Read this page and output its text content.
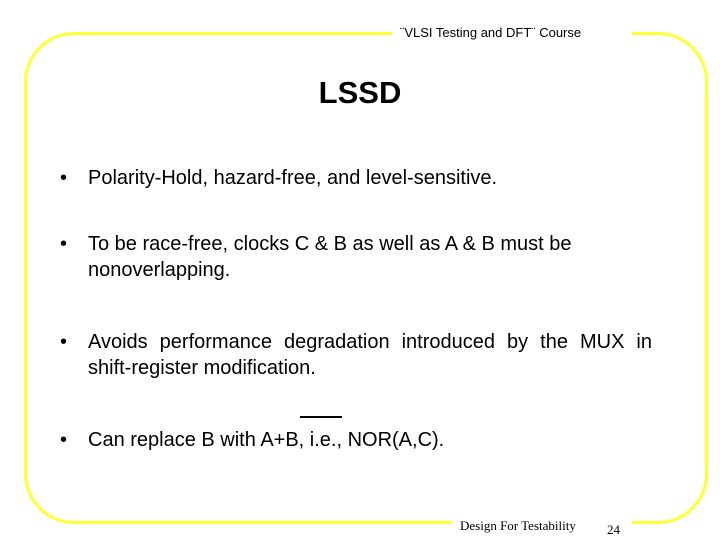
¨VLSI Testing and DFT¨ Course
LSSD
•	Polarity-Hold, hazard-free, and level-sensitive.
•	To be race-free, clocks C & B as well as A & B must be nonoverlapping.
•	Avoids performance degradation introduced by the MUX in shift-register modification.
•	Can replace B with A+B, i.e., NOR(A,C).
Design For Testability 24
